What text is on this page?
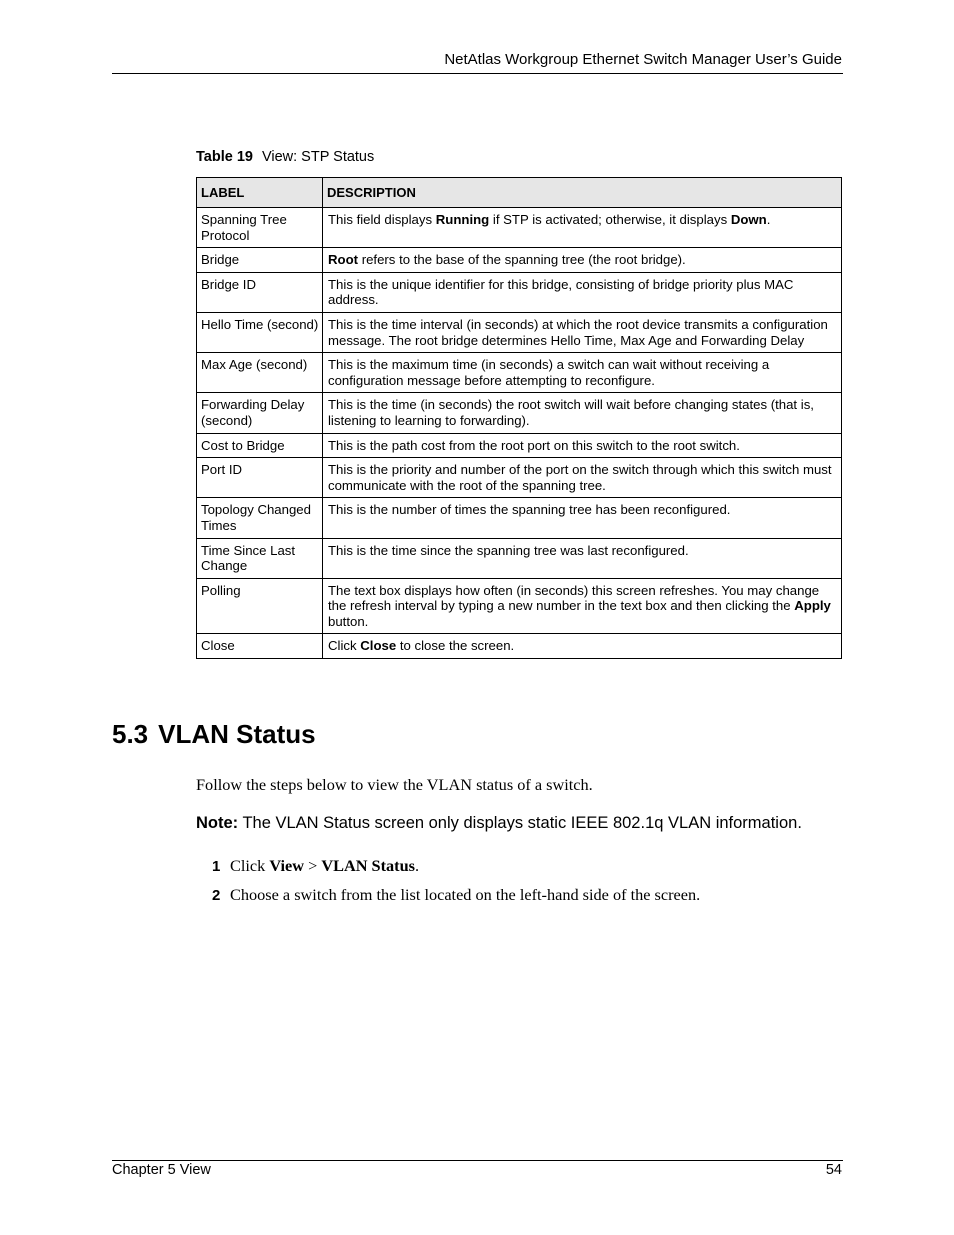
NetAtlas Workgroup Ethernet Switch Manager User’s Guide
Table 19 View: STP Status
LABEL	DESCRIPTION
Spanning Tree Protocol	This field displays Running if STP is activated; otherwise, it displays Down.
Bridge	Root refers to the base of the spanning tree (the root bridge).
Bridge ID	This is the unique identifier for this bridge, consisting of bridge priority plus MAC address.
Hello Time (second)	This is the time interval (in seconds) at which the root device transmits a configuration message. The root bridge determines Hello Time, Max Age and Forwarding Delay
Max Age (second)	This is the maximum time (in seconds) a switch can wait without receiving a configuration message before attempting to reconfigure.
Forwarding Delay (second)	This is the time (in seconds) the root switch will wait before changing states (that is, listening to learning to forwarding).
Cost to Bridge	This is the path cost from the root port on this switch to the root switch.
Port ID	This is the priority and number of the port on the switch through which this switch must communicate with the root of the spanning tree.
Topology Changed Times	This is the number of times the spanning tree has been reconfigured.
Time Since Last Change	This is the time since the spanning tree was last reconfigured.
Polling	The text box displays how often (in seconds) this screen refreshes. You may change the refresh interval by typing a new number in the text box and then clicking the Apply button.
Close	Click Close to close the screen.
5.3 VLAN Status
Follow the steps below to view the VLAN status of a switch.
Note: The VLAN Status screen only displays static IEEE 802.1q VLAN information.
1 Click View > VLAN Status.
2 Choose a switch from the list located on the left-hand side of the screen.
Chapter 5 View	54
